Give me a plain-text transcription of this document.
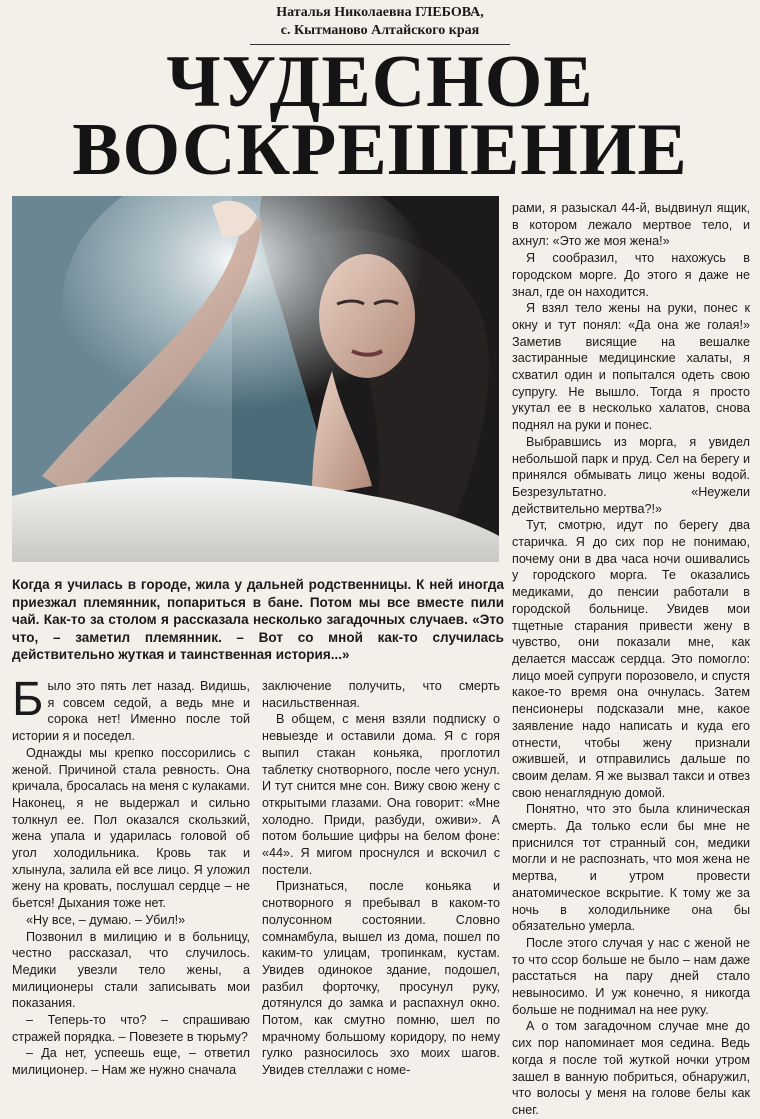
Наталья Николаевна ГЛЕБОВА,
с. Кытманово Алтайского края
ЧУДЕСНОЕ
ВОСКРЕШЕНИЕ
Когда я училась в городе, жила у дальней родственницы. К ней иногда приезжал племянник, попариться в бане. Потом мы все вместе пили чай. Как-то за столом я рассказала несколько загадочных случаев. «Это что, – заметил племянник. – Вот со мной как-то случилась действительно жуткая и таинственная история...»

Было это пять лет назад. Видишь, я совсем седой, а ведь мне и сорока нет! Именно после той истории я и поседел.

Однажды мы крепко поссорились с женой. Причиной стала ревность. Она кричала, бросалась на меня с кулаками. Наконец, я не выдержал и сильно толкнул ее. Пол оказался скользкий, жена упала и ударилась головой об угол холодильника. Кровь так и хлынула, залила ей все лицо. Я уложил жену на кровать, послушал сердце – не бьется! Дыхания тоже нет.

«Ну все, – думаю. – Убил!»

Позвонил в милицию и в больницу, честно рассказал, что случилось. Медики увезли тело жены, а милиционеры стали записывать мои показания.

– Теперь-то что? – спрашиваю стражей порядка. – Повезете в тюрьму?

– Да нет, успеешь еще, – ответил милиционер. – Нам же нужно сначала

заключение получить, что смерть насильственная.

В общем, с меня взяли подписку о невыезде и оставили дома. Я с горя выпил стакан коньяка, проглотил таблетку снотворного, после чего уснул. И тут снится мне сон. Вижу свою жену с открытыми глазами. Она говорит: «Мне холодно. Приди, разбуди, оживи». А потом большие цифры на белом фоне: «44». Я мигом проснулся и вскочил с постели.

Признаться, после коньяка и снотворного я пребывал в каком-то полусонном состоянии. Словно сомнамбула, вышел из дома, пошел по каким-то улицам, тропинкам, кустам. Увидев одинокое здание, подошел, разбил форточку, просунул руку, дотянулся до замка и распахнул окно. Потом, как смутно помню, шел по мрачному большому коридору, по нему гулко разносилось эхо моих шагов. Увидев стеллажи с номе-

рами, я разыскал 44-й, выдвинул ящик, в котором лежало мертвое тело, и ахнул: «Это же моя жена!»

Я сообразил, что нахожусь в городском морге. До этого я даже не знал, где он находится.

Я взял тело жены на руки, понес к окну и тут понял: «Да она же голая!» Заметив висящие на вешалке застиранные медицинские халаты, я схватил один и попытался одеть свою супругу. Не вышло. Тогда я просто укутал ее в несколько халатов, снова поднял на руки и понес.

Выбравшись из морга, я увидел небольшой парк и пруд. Сел на берегу и принялся обмывать лицо жены водой. Безрезультатно. «Неужели действительно мертва?!»

Тут, смотрю, идут по берегу два старичка. Я до сих пор не понимаю, почему они в два часа ночи ошивались у городского морга. Те оказались медиками, до пенсии работали в городской больнице. Увидев мои тщетные старания привести жену в чувство, они показали мне, как делается массаж сердца. Это помогло: лицо моей супруги порозовело, и спустя какое-то время она очнулась. Затем пенсионеры подсказали мне, какое заявление надо написать и куда его отнести, чтобы жену признали ожившей, и отправились дальше по своим делам. Я же вызвал такси и отвез свою ненаглядную домой.

Понятно, что это была клиническая смерть. Да только если бы мне не приснился тот странный сон, медики могли и не распознать, что моя жена не мертва, и утром провести анатомическое вскрытие. К тому же за ночь в холодильнике она бы обязательно умерла.

После этого случая у нас с женой не то что ссор больше не было – нам даже расстаться на пару дней стало невыносимо. И уж конечно, я никогда больше не поднимал на нее руку.

А о том загадочном случае мне до сих пор напоминает моя седина. Ведь когда я после той жуткой ночки утром зашел в ванную побриться, обнаружил, что волосы у меня на голове белы как снег.
